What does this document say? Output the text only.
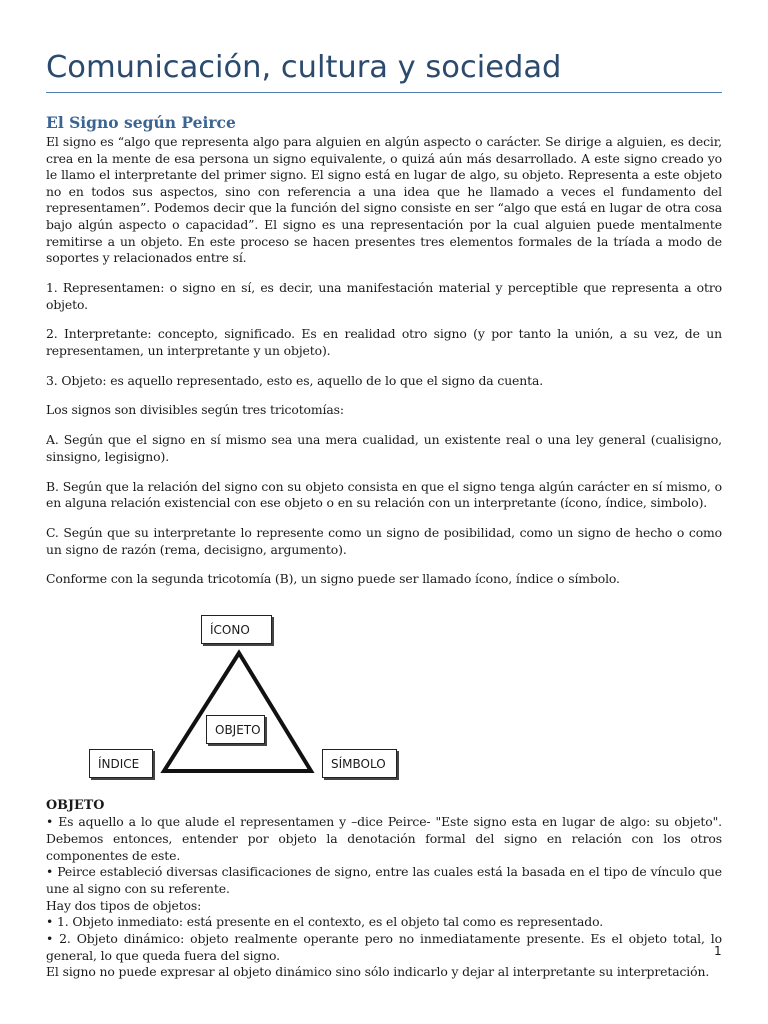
Comunicación, cultura y sociedad
El Signo según Peirce

El signo es “algo que representa algo para alguien en algún aspecto o carácter. Se dirige a alguien, es decir, crea en la mente de esa persona un signo equivalente, o quizá aún más desarrollado. A este signo creado yo le llamo el interpretante del primer signo. El signo está en lugar de algo, su objeto. Representa a este objeto no en todos sus aspectos, sino con referencia a una idea que he llamado a veces el fundamento del representamen”. Podemos decir que la función del signo consiste en ser “algo que está en lugar de otra cosa bajo algún aspecto o capacidad”. El signo es una representación por la cual alguien puede mentalmente remitirse a un objeto. En este proceso se hacen presentes tres elementos formales de la tríada a modo de soportes y relacionados entre sí.

1. Representamen: o signo en sí, es decir, una manifestación material y perceptible que representa a otro objeto.

2. Interpretante: concepto, significado. Es en realidad otro signo (y por tanto la unión, a su vez, de un representamen, un interpretante y un objeto).

3. Objeto: es aquello representado, esto es, aquello de lo que el signo da cuenta.

Los signos son divisibles según tres tricotomías:

A. Según que el signo en sí mismo sea una mera cualidad, un existente real o una ley general (cualisigno, sinsigno, legisigno).

B. Según que la relación del signo con su objeto consista en que el signo tenga algún carácter en sí mismo, o en alguna relación existencial con ese objeto o en su relación con un interpretante (ícono, índice, simbolo).

C. Según que su interpretante lo represente como un signo de posibilidad, como un signo de hecho o como un signo de razón (rema, decisigno, argumento).

Conforme con la segunda tricotomía (B), un signo puede ser llamado ícono, índice o símbolo.

ÍCONO
OBJETO
ÍNDICE	SÍMBOLO
OBJETO

• Es aquello a lo que alude el representamen y –dice Peirce- "Este signo esta en lugar de algo: su objeto". Debemos entonces, entender por objeto la denotación formal del signo en relación con los otros componentes de este.

• Peirce estableció diversas clasificaciones de signo, entre las cuales está la basada en el tipo de vínculo que une al signo con su referente.

Hay dos tipos de objetos:

• 1. Objeto inmediato: está presente en el contexto, es el objeto tal como es representado.

• 2. Objeto dinámico: objeto realmente operante pero no inmediatamente presente. Es el objeto total, lo general, lo que queda fuera del signo.

El signo no puede expresar al objeto dinámico sino sólo indicarlo y dejar al interpretante su interpretación.

1
